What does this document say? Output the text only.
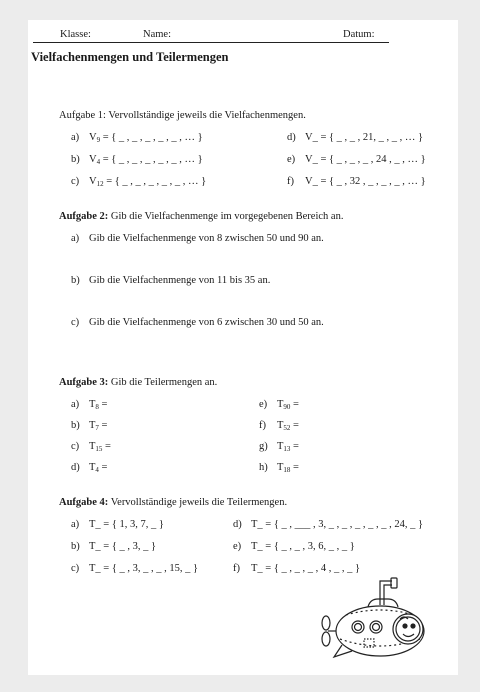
Klasse:	Name:	Datum:
Vielfachenmengen und Teilermengen
Aufgabe 1: Vervollständige jeweils die Vielfachenmengen.
a) $V_9$ = { _ , _ , _ , _ , _ , … }
b) $V_4$ = { _ , _ , _ , _ , _ , … }
c) $V_{12}$ = { _ , _ , _ , _ , _ , … }
d) V_ = { _ , _ , 21, _ , _ , … }
e) V_ = { _ , _ , _ , 24 , _ , … }
f) V_ = { _ , 32 , _ , _ , _ , … }
Aufgabe 2: Gib die Vielfachenmenge im vorgegebenen Bereich an.
a) Gib die Vielfachenmenge von 8 zwischen 50 und 90 an.
b) Gib die Vielfachenmenge von 11 bis 35 an.
c) Gib die Vielfachenmenge von 6 zwischen 30 und 50 an.
Aufgabe 3: Gib die Teilermengen an.
a) $T_8$ =
b) $T_7$ =
c) $T_{15}$ =
d) $T_4$ =
e) $T_{90}$ =
f) $T_{52}$ =
g) $T_{13}$ =
h) $T_{18}$ =
Aufgabe 4: Vervollständige jeweils die Teilermengen.
a) T_ = { 1, 3, 7, _ }
b) T_ = { _ , 3, _ }
c) T_ = { _ , 3, _ , _ , 15, _ }
d) T_ = { _ , ___ , 3, _ , _ , _ , _ , _ , 24, _ }
e) T_ = { _ , _ , 3, 6, _ , _ }
f) T_ = { _ , _ , _ , 4 , _ , _ }
